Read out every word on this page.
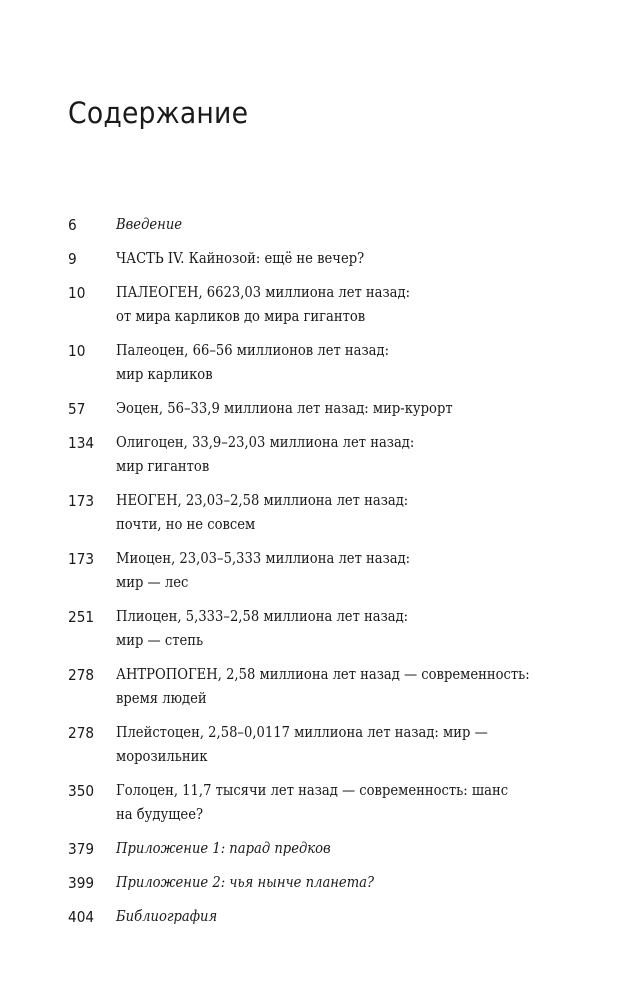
Содержание
6	Введение
9	ЧАСТЬ IV. Кайнозой: ещё не вечер?
10	ПАЛЕОГЕН, 6623,03 миллиона лет назад:
от мира карликов до мира гигантов
10	Палеоцен, 66–56 миллионов лет назад:
мир карликов
57	Эоцен, 56–33,9 миллиона лет назад: мир-курорт
134	Олигоцен, 33,9–23,03 миллиона лет назад:
мир гигантов
173	НЕОГЕН, 23,03–2,58 миллиона лет назад:
почти, но не совсем
173	Миоцен, 23,03–5,333 миллиона лет назад:
мир — лес
251	Плиоцен, 5,333–2,58 миллиона лет назад:
мир — степь
278	АНТРОПОГЕН, 2,58 миллиона лет назад — современность:
время людей
278	Плейстоцен, 2,58–0,0117 миллиона лет назад: мир —
морозильник
350	Голоцен, 11,7 тысячи лет назад — современность: шанс
на будущее?
379	Приложение 1: парад предков
399	Приложение 2: чья нынче планета?
404	Библиография
